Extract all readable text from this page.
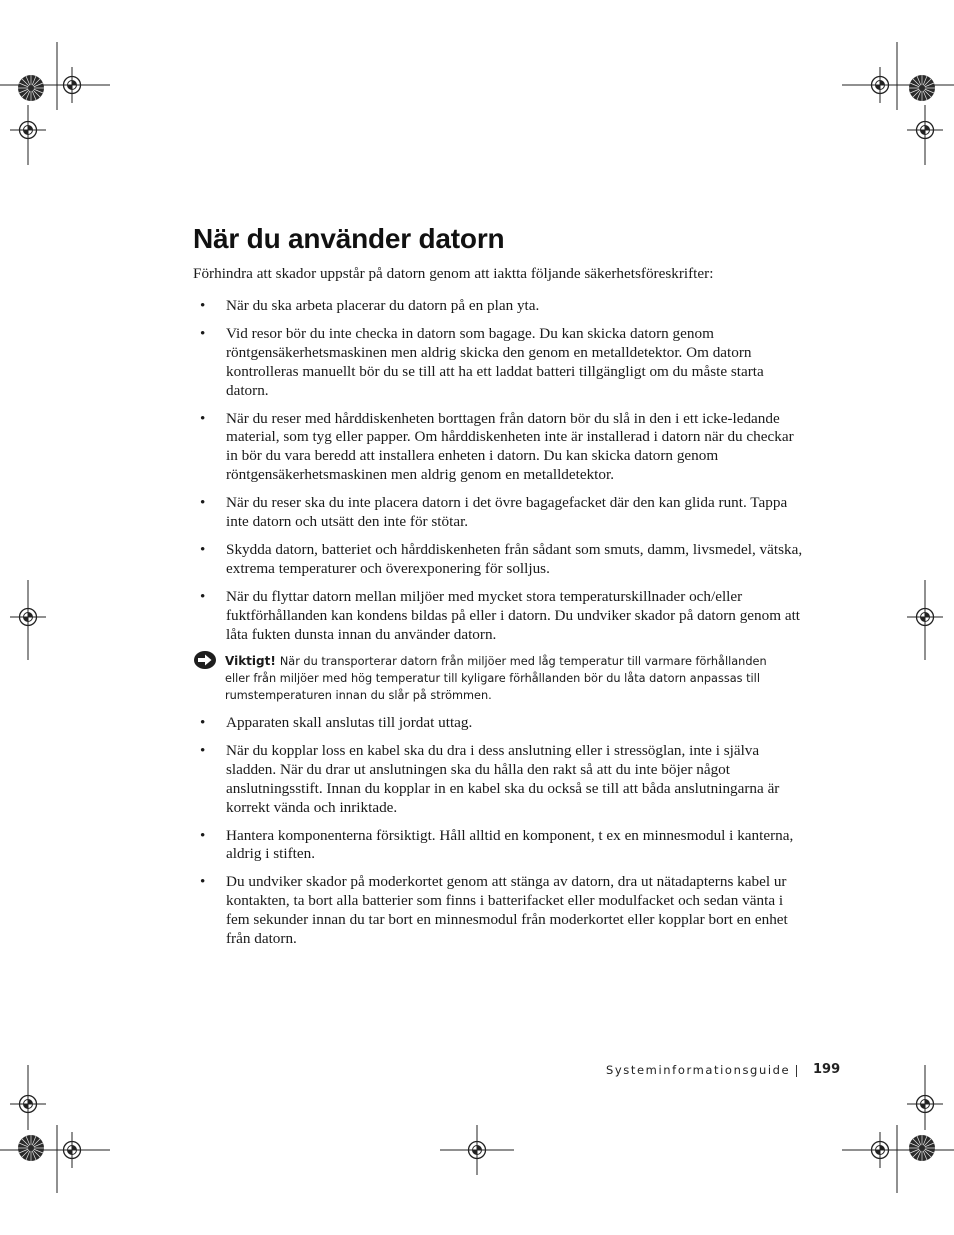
När du använder datorn

Förhindra att skador uppstår på datorn genom att iaktta följande säkerhetsföreskrifter:

• När du ska arbeta placerar du datorn på en plan yta.
• Vid resor bör du inte checka in datorn som bagage. Du kan skicka datorn genom röntgensäkerhetsmaskinen men aldrig skicka den genom en metalldetektor. Om datorn kontrolleras manuellt bör du se till att ha ett laddat batteri tillgängligt om du måste starta datorn.
• När du reser med hårddiskenheten borttagen från datorn bör du slå in den i ett icke-ledande material, som tyg eller papper. Om hårddiskenheten inte är installerad i datorn när du checkar in bör du vara beredd att installera enheten i datorn. Du kan skicka datorn genom röntgensäkerhetsmaskinen men aldrig genom en metalldetektor.
• När du reser ska du inte placera datorn i det övre bagagefacket där den kan glida runt. Tappa inte datorn och utsätt den inte för stötar.
• Skydda datorn, batteriet och hårddiskenheten från sådant som smuts, damm, livsmedel, vätska, extrema temperaturer och överexponering för solljus.
• När du flyttar datorn mellan miljöer med mycket stora temperaturskillnader och/eller fuktförhållanden kan kondens bildas på eller i datorn. Du undviker skador på datorn genom att låta fukten dunsta innan du använder datorn.

Viktigt! När du transporterar datorn från miljöer med låg temperatur till varmare förhållanden eller från miljöer med hög temperatur till kyligare förhållanden bör du låta datorn anpassas till rumstemperaturen innan du slår på strömmen.

• Apparaten skall anslutas till jordat uttag.
• När du kopplar loss en kabel ska du dra i dess anslutning eller i stressöglan, inte i själva sladden. När du drar ut anslutningen ska du hålla den rakt så att du inte böjer något anslutningsstift. Innan du kopplar in en kabel ska du också se till att båda anslutningarna är korrekt vända och inriktade.
• Hantera komponenterna försiktigt. Håll alltid en komponent, t ex en minnesmodul i kanterna, aldrig i stiften.
• Du undviker skador på moderkortet genom att stänga av datorn, dra ut nätadapterns kabel ur kontakten, ta bort alla batterier som finns i batterifacket eller modulfacket och sedan vänta i fem sekunder innan du tar bort en minnesmodul från moderkortet eller kopplar bort en enhet från datorn.
Systeminformationsguide 199
